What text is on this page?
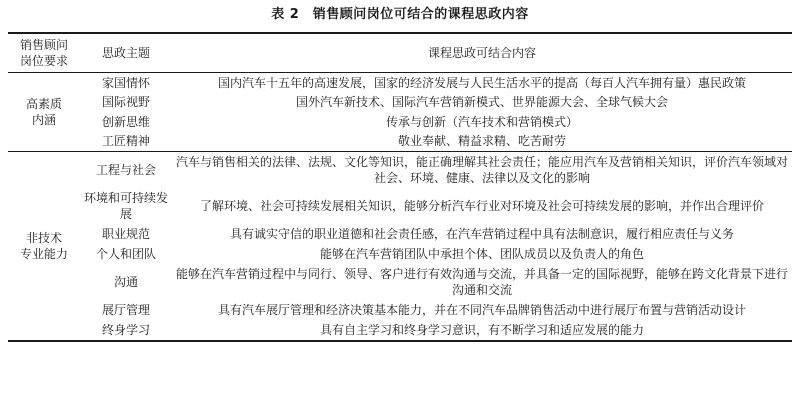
表 2　销售顾问岗位可结合的课程思政内容
销售顾问
岗位要求	思政主题	课程思政可结合内容
高素质
内涵	家国情怀	国内汽车十五年的高速发展，国家的经济发展与人民生活水平的提高（每百人汽车拥有量）惠民政策
	国际视野	国外汽车新技术、国际汽车营销新模式、世界能源大会、全球气候大会
	创新思维	传承与创新（汽车技术和营销模式）
	工匠精神	敬业奉献、精益求精、吃苦耐劳
非技术
专业能力	工程与社会	汽车与销售相关的法律、法规、文化等知识，能正确理解其社会责任；能应用汽车及营销相关知识，评价汽车领域对社会、环境、健康、法律以及文化的影响
	环境和可持续发展	了解环境、社会可持续发展相关知识，能够分析汽车行业对环境及社会可持续发展的影响，并作出合理评价
	职业规范	具有诚实守信的职业道德和社会责任感，在汽车营销过程中具有法制意识，履行相应责任与义务
	个人和团队	能够在汽车营销团队中承担个体、团队成员以及负责人的角色
	沟通	能够在汽车营销过程中与同行、领导、客户进行有效沟通与交流，并具备一定的国际视野，能够在跨文化背景下进行沟通和交流
	展厅管理	具有汽车展厅管理和经济决策基本能力，并在不同汽车品牌销售活动中进行展厅布置与营销活动设计
	终身学习	具有自主学习和终身学习意识，有不断学习和适应发展的能力
